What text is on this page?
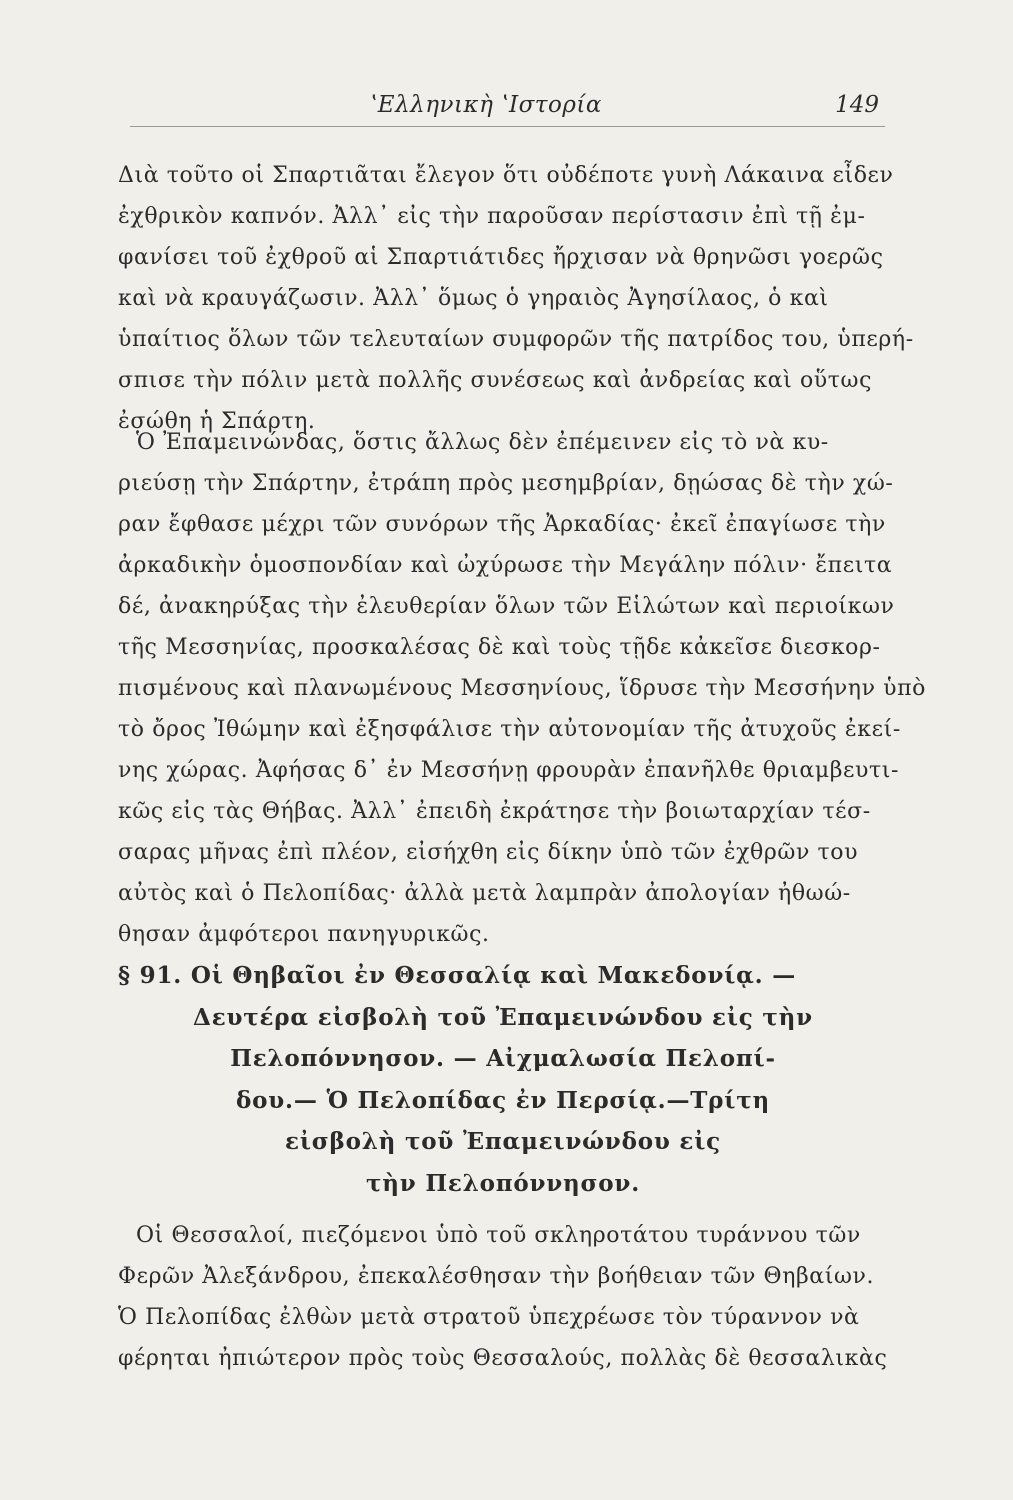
ʽΕλληνικὴ ʽΙστορία	149
Διὰ τοῦτο οἱ Σπαρτιᾶται ἔλεγον ὅτι οὐδέποτε γυνὴ Λάκαινα εἶδεν
ἐχθρικὸν καπνόν. Ἀλλ᾽ εἰς τὴν παροῦσαν περίστασιν ἐπὶ τῇ ἐμ-
φανίσει τοῦ ἐχθροῦ αἱ Σπαρτιάτιδες ἤρχισαν νὰ θρηνῶσι γοερῶς
καὶ νὰ κραυγάζωσιν. Ἀλλ᾽ ὅμως ὁ γηραιὸς Ἀγησίλαος, ὁ καὶ
ὑπαίτιος ὅλων τῶν τελευταίων συμφορῶν τῆς πατρίδος του, ὑπερή-
σπισε τὴν πόλιν μετὰ πολλῆς συνέσεως καὶ ἀνδρείας καὶ οὕτως
ἐσώθη ἡ Σπάρτη.
Ὁ Ἐπαμεινώνδας, ὅστις ἄλλως δὲν ἐπέμεινεν εἰς τὸ νὰ κυ-
ριεύσῃ τὴν Σπάρτην, ἐτράπη πρὸς μεσημβρίαν, δῃώσας δὲ τὴν χώ-
ραν ἔφθασε μέχρι τῶν συνόρων τῆς Ἀρκαδίας· ἐκεῖ ἐπαγίωσε τὴν
ἀρκαδικὴν ὁμοσπονδίαν καὶ ὠχύρωσε τὴν Μεγάλην πόλιν· ἔπειτα
δέ, ἀνακηρύξας τὴν ἐλευθερίαν ὅλων τῶν Εἱλώτων καὶ περιοίκων
τῆς Μεσσηνίας, προσκαλέσας δὲ καὶ τοὺς τῇδε κἀκεῖσε διεσκορ-
πισμένους καὶ πλανωμένους Μεσσηνίους, ἵδρυσε τὴν Μεσσήνην ὑπὸ
τὸ ὄρος Ἰθώμην καὶ ἐξησφάλισε τὴν αὐτονομίαν τῆς ἀτυχοῦς ἐκεί-
νης χώρας. Ἀφήσας δ᾽ ἐν Μεσσήνῃ φρουρὰν ἐπανῆλθε θριαμβευτι-
κῶς εἰς τὰς Θήβας. Ἀλλ᾽ ἐπειδὴ ἐκράτησε τὴν βοιωταρχίαν τέσ-
σαρας μῆνας ἐπὶ πλέον, εἰσήχθη εἰς δίκην ὑπὸ τῶν ἐχθρῶν του
αὐτὸς καὶ ὁ Πελοπίδας· ἀλλὰ μετὰ λαμπρὰν ἀπολογίαν ἠθωώ-
θησαν ἀμφότεροι πανηγυρικῶς.
§ 91. Οἱ Θηβαῖοι ἐν Θεσσαλίᾳ καὶ Μακεδονίᾳ. —
Δευτέρα εἰσβολὴ τοῦ Ἐπαμεινώνδου εἰς τὴν
Πελοπόννησον. — Αἰχμαλωσία Πελοπί-
δου.— Ὁ Πελοπίδας ἐν Περσίᾳ.—Τρίτη
εἰσβολὴ τοῦ Ἐπαμεινώνδου εἰς
τὴν Πελοπόννησον.
Οἱ Θεσσαλοί, πιεζόμενοι ὑπὸ τοῦ σκληροτάτου τυράννου τῶν
Φερῶν Ἀλεξάνδρου, ἐπεκαλέσθησαν τὴν βοήθειαν τῶν Θηβαίων.
Ὁ Πελοπίδας ἐλθὼν μετὰ στρατοῦ ὑπεχρέωσε τὸν τύραννον νὰ
φέρηται ἠπιώτερον πρὸς τοὺς Θεσσαλούς, πολλὰς δὲ θεσσαλικὰς
